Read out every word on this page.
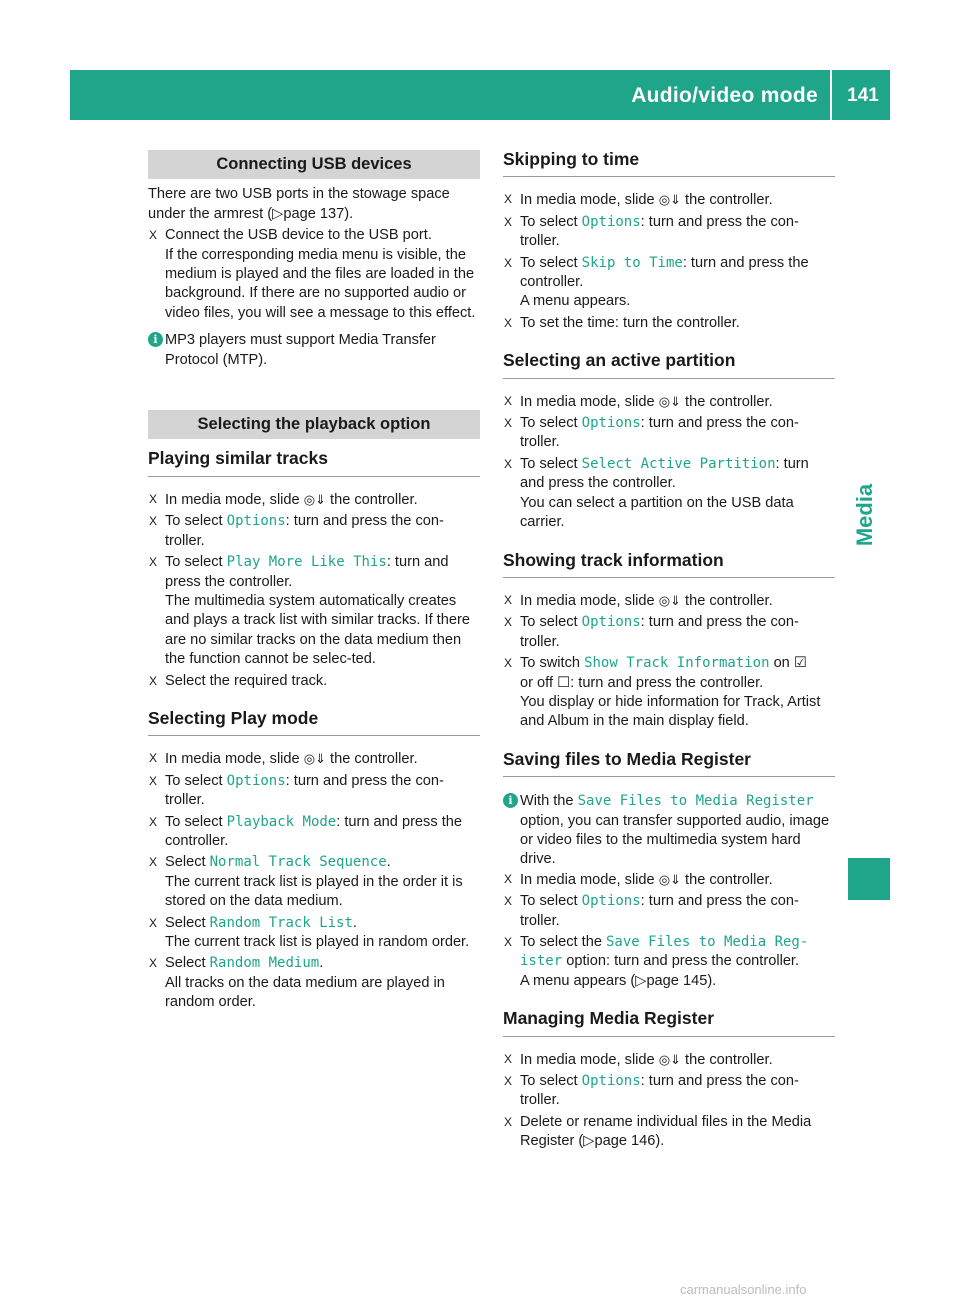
Audio/video mode	141
Media
Connecting USB devices

There are two USB ports in the stowage space under the armrest (▷page 137).

X Connect the USB device to the USB port.
If the corresponding media menu is visible, the medium is played and the files are loaded in the background. If there are no supported audio or video files, you will see a message to this effect.
i MP3 players must support Media Transfer Protocol (MTP).
Selecting the playback option
Playing similar tracks
X In media mode, slide ◎⇓ the controller.
X To select Options: turn and press the con-troller.
X To select Play More Like This: turn and press the controller.
The multimedia system automatically creates and plays a track list with similar tracks. If there are no similar tracks on the data medium then the function cannot be selec-ted.
X Select the required track.
Selecting Play mode
X In media mode, slide ◎⇓ the controller.
X To select Options: turn and press the con-troller.
X To select Playback Mode: turn and press the controller.
X Select Normal Track Sequence.
The current track list is played in the order it is stored on the data medium.
X Select Random Track List.
The current track list is played in random order.
X Select Random Medium.
All tracks on the data medium are played in random order.
Skipping to time
X In media mode, slide ◎⇓ the controller.
X To select Options: turn and press the con-troller.
X To select Skip to Time: turn and press the controller.
A menu appears.
X To set the time: turn the controller.
Selecting an active partition
X In media mode, slide ◎⇓ the controller.
X To select Options: turn and press the con-troller.
X To select Select Active Partition: turn and press the controller.
You can select a partition on the USB data carrier.
Showing track information
X In media mode, slide ◎⇓ the controller.
X To select Options: turn and press the con-troller.
X To switch Show Track Information on ☑
or off ☐: turn and press the controller.
You display or hide information for Track, Artist and Album in the main display field.
Saving files to Media Register
i With the Save Files to Media Register option, you can transfer supported audio, image or video files to the multimedia system hard drive.
X In media mode, slide ◎⇓ the controller.
X To select Options: turn and press the con-troller.
X To select the Save Files to Media Reg-ister option: turn and press the controller.
A menu appears (▷page 145).
Managing Media Register
X In media mode, slide ◎⇓ the controller.
X To select Options: turn and press the con-troller.
X Delete or rename individual files in the Media Register (▷page 146).
carmanualsonline.info
